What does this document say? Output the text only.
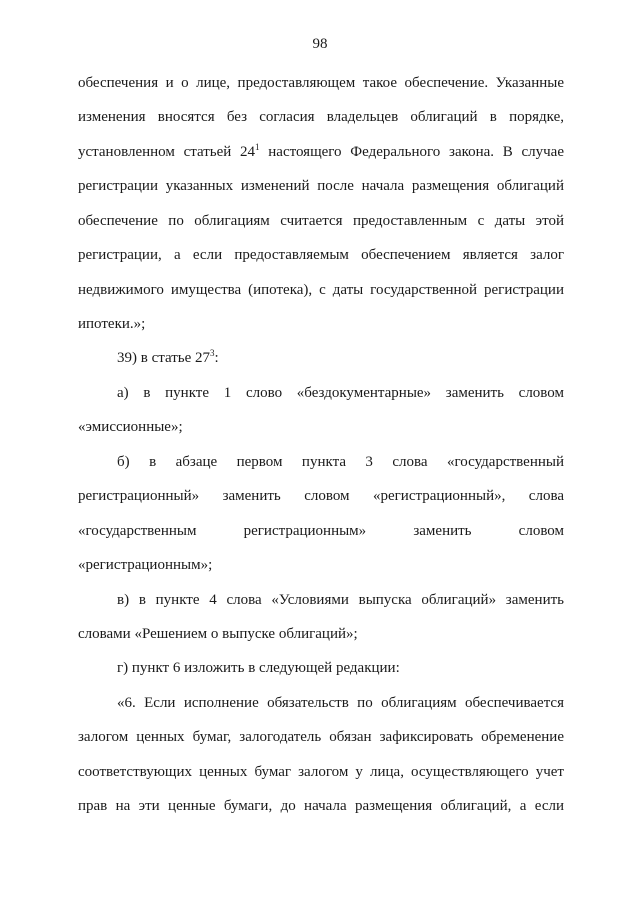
98
обеспечения и о лице, предоставляющем такое обеспечение. Указанные
изменения вносятся без согласия владельцев облигаций в порядке,
установленном статьей $24^1$ настоящего Федерального закона. В случае
регистрации указанных изменений после начала размещения облигаций
обеспечение по облигациям считается предоставленным с даты этой
регистрации, а если предоставляемым обеспечением является залог
недвижимого имущества (ипотека), с даты государственной регистрации
ипотеки.»;
39) в статье $27^3$:
а) в пункте 1 слово «бездокументарные» заменить словом
«эмиссионные»;
б) в абзаце первом пункта 3 слова «государственный
регистрационный» заменить словом «регистрационный», слова
«государственным регистрационным» заменить словом
«регистрационным»;
в) в пункте 4 слова «Условиями выпуска облигаций» заменить
словами «Решением о выпуске облигаций»;
г) пункт 6 изложить в следующей редакции:
«6. Если исполнение обязательств по облигациям обеспечивается
залогом ценных бумаг, залогодатель обязан зафиксировать обременение
соответствующих ценных бумаг залогом у лица, осуществляющего учет
прав на эти ценные бумаги, до начала размещения облигаций, а если
